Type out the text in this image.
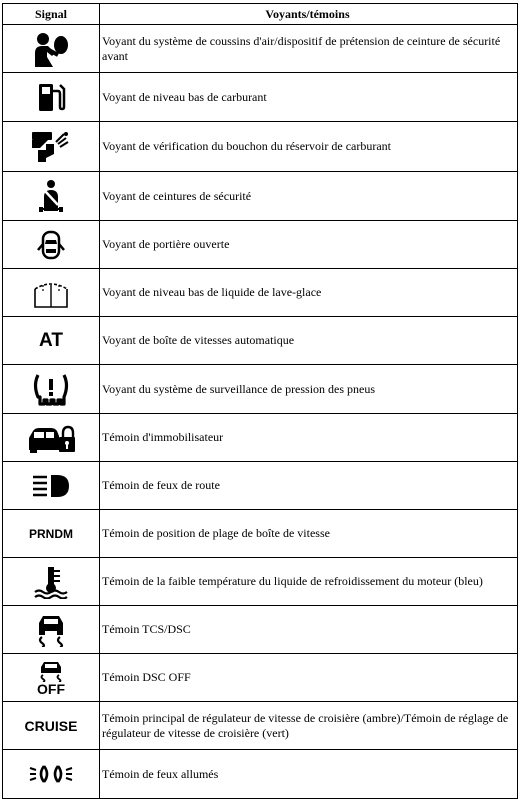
Signal	Voyants/témoins
Voyant du système de coussins d'air/dispositif de prétension de ceinture de sécurité avant
Voyant de niveau bas de carburant
Voyant de vérification du bouchon du réservoir de carburant
Voyant de ceintures de sécurité
Voyant de portière ouverte
Voyant de niveau bas de liquide de lave-glace
AT	Voyant de boîte de vitesses automatique
Voyant du système de surveillance de pression des pneus
Témoin d'immobilisateur
Témoin de feux de route
PRNDM Témoin de position de plage de boîte de vitesse
Témoin de la faible température du liquide de refroidissement du moteur (bleu)
Témoin TCS/DSC
OFF
Témoin DSC OFF
CRUISE Témoin principal de régulateur de vitesse de croisière (ambre)/Témoin de réglage de régulateur de vitesse de croisière (vert)
Témoin de feux allumés
